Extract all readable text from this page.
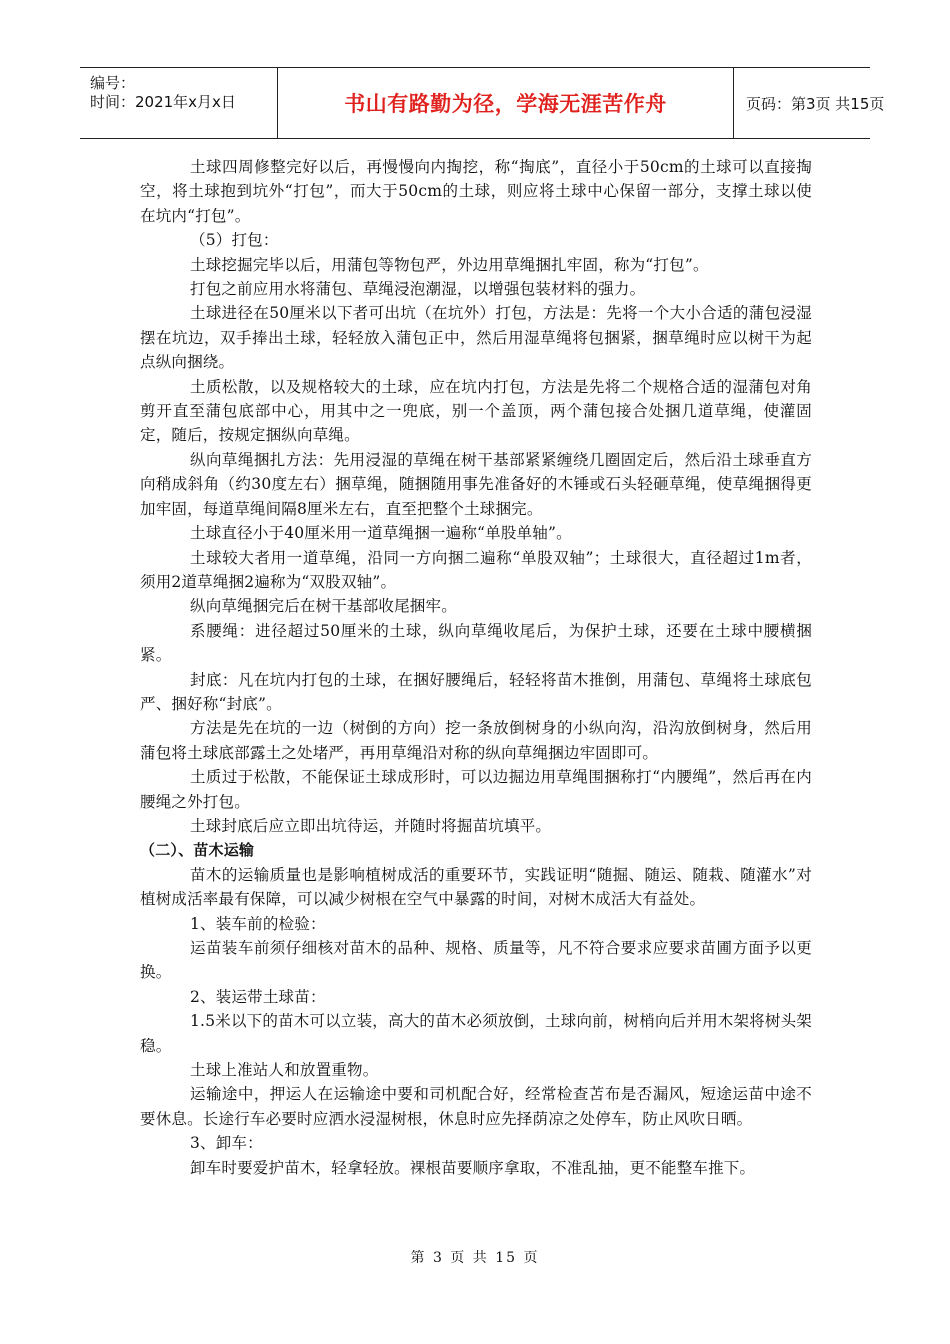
编号：
时间：2021年x月x日	书山有路勤为径，学海无涯苦作舟	页码：第3页 共15页

土球四周修整完好以后，再慢慢向内掏挖，称“掏底”，直径小于50cm的土球可以直接掏空，将土球抱到坑外“打包”，而大于50cm的土球，则应将土球中心保留一部分，支撑土球以使在坑内“打包”。

（5）打包：

土球挖掘完毕以后，用蒲包等物包严，外边用草绳捆扎牢固，称为“打包”。

打包之前应用水将蒲包、草绳浸泡潮湿，以增强包装材料的强力。

土球进径在50厘米以下者可出坑（在坑外）打包，方法是：先将一个大小合适的蒲包浸湿摆在坑边，双手捧出土球，轻轻放入蒲包正中，然后用湿草绳将包捆紧，捆草绳时应以树干为起点纵向捆绕。

土质松散，以及规格较大的土球，应在坑内打包，方法是先将二个规格合适的湿蒲包对角剪开直至蒲包底部中心，用其中之一兜底，别一个盖顶，两个蒲包接合处捆几道草绳，使灌固定，随后，按规定捆纵向草绳。

纵向草绳捆扎方法：先用浸湿的草绳在树干基部紧紧缠绕几圈固定后，然后沿土球垂直方向稍成斜角（约30度左右）捆草绳，随捆随用事先准备好的木锤或石头轻砸草绳，使草绳捆得更加牢固，每道草绳间隔8厘米左右，直至把整个土球捆完。

土球直径小于40厘米用一道草绳捆一遍称“单股单轴”。

土球较大者用一道草绳，沿同一方向捆二遍称“单股双轴”；土球很大，直径超过1m者，须用2道草绳捆2遍称为“双股双轴”。

纵向草绳捆完后在树干基部收尾捆牢。

系腰绳：进径超过50厘米的土球，纵向草绳收尾后，为保护土球，还要在土球中腰横捆紧。

封底：凡在坑内打包的土球，在捆好腰绳后，轻轻将苗木推倒，用蒲包、草绳将土球底包严、捆好称“封底”。

方法是先在坑的一边（树倒的方向）挖一条放倒树身的小纵向沟，沿沟放倒树身，然后用蒲包将土球底部露土之处堵严，再用草绳沿对称的纵向草绳捆边牢固即可。

土质过于松散，不能保证土球成形时，可以边掘边用草绳围捆称打“内腰绳”，然后再在内腰绳之外打包。

土球封底后应立即出坑待运，并随时将掘苗坑填平。

（二）、苗木运输

苗木的运输质量也是影响植树成活的重要环节，实践证明“随掘、随运、随栽、随灌水”对植树成活率最有保障，可以减少树根在空气中暴露的时间，对树木成活大有益处。

1、装车前的检验：

运苗装车前须仔细核对苗木的品种、规格、质量等，凡不符合要求应要求苗圃方面予以更换。

2、装运带土球苗：

1.5米以下的苗木可以立装，高大的苗木必须放倒，土球向前，树梢向后并用木架将树头架稳。

土球上准站人和放置重物。

运输途中，押运人在运输途中要和司机配合好，经常检查苫布是否漏风，短途运苗中途不要休息。长途行车必要时应洒水浸湿树根，休息时应先择荫凉之处停车，防止风吹日晒。

3、卸车：

卸车时要爱护苗木，轻拿轻放。裸根苗要顺序拿取，不准乱抽，更不能整车推下。

第 3 页 共 15 页
